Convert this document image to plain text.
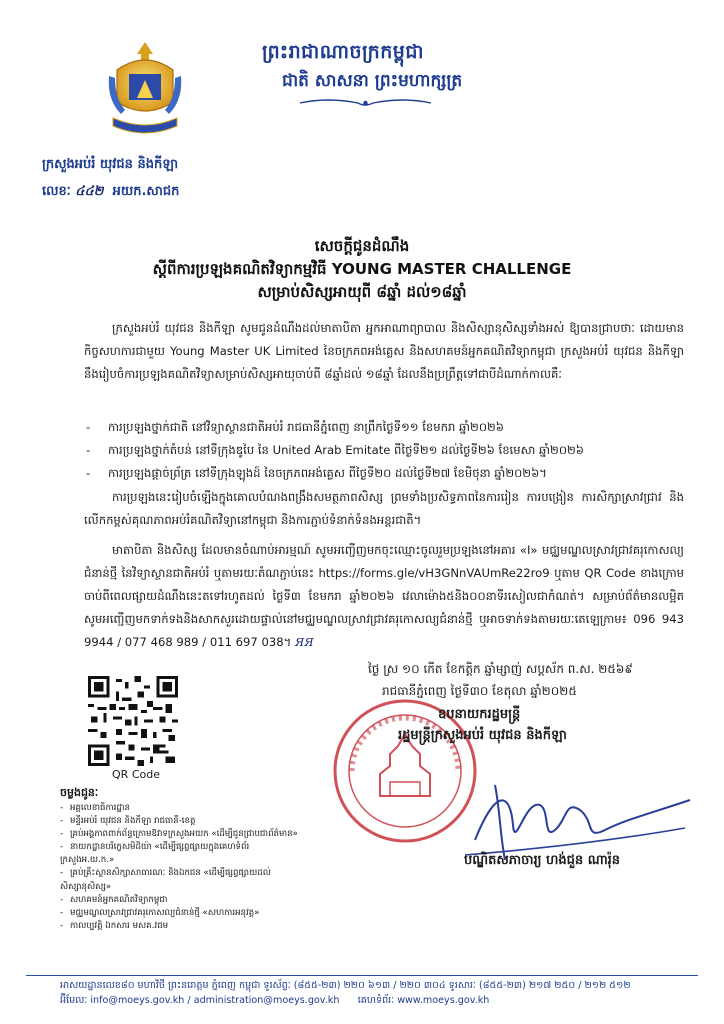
ព្រះរាជាណាចក្រកម្ពុជា
ជាតិ សាសនា ព្រះមហាក្សត្រ
ក្រសួងអប់រំ យុវជន និងកីឡា
លេខៈ ៤៤២ អយក.សាជក
សេចក្ដីជូនដំណឹង
ស្ដីពីការប្រឡងគណិតវិទ្យាកម្មវិធី YOUNG MASTER CHALLENGE
សម្រាប់សិស្សអាយុពី ៨ឆ្នាំ ដល់១៨ឆ្នាំ
ក្រសួងអប់រំ យុវជន និងកីឡា សូមជូនដំណឹងដល់មាតាបិតា អ្នកអាណាព្យាបាល និងសិស្សានុសិស្សទាំងអស់ ឱ្យបានជ្រាបថាៈ ដោយមានកិច្ចសហការជាមួយ Young Master UK Limited នៃចក្រភពអង់គ្លេស និងសហគមន៍អ្នកគណិតវិទ្យាកម្ពុជា ក្រសួងអប់រំ យុវជន និងកីឡា នឹងរៀបចំការប្រឡងគណិតវិទ្យាសម្រាប់សិស្សអាយុចាប់ពី ៨ឆ្នាំដល់ ១៨ឆ្នាំ ដែលនឹងប្រព្រឹត្តទៅជាបីដំណាក់កាលគឺៈ
- ការប្រឡងថ្នាក់ជាតិ នៅវិទ្យាស្ថានជាតិអប់រំ រាជធានីភ្នំពេញ នាព្រឹកថ្ងៃទី១១ ខែមករា ឆ្នាំ២០២៦
- ការប្រឡងថ្នាក់តំបន់ នៅទីក្រុងឌូបៃ នៃ United Arab Emitate ពីថ្ងៃទី២១ ដល់ថ្ងៃទី២៦ ខែមេសា ឆ្នាំ២០២៦
- ការប្រឡងផ្ដាច់ព្រ័ត្រ នៅទីក្រុងឡុងដ៍ នៃចក្រភពអង់គ្លេស ពីថ្ងៃទី២០ ដល់ថ្ងៃទី២៧ ខែមិថុនា ឆ្នាំ២០២៦។
ការប្រឡងនេះរៀបចំឡើងក្នុងគោលបំណងពង្រឹងសមត្ថភាពសិស្ស ព្រមទាំងប្រសិទ្ធភាពនៃការរៀន ការបង្រៀន ការសិក្សាស្រាវជ្រាវ និងលើកកម្ពស់គុណភាពអប់រំគណិតវិទ្យានៅកម្ពុជា និងការភ្ជាប់ទំនាក់ទំនងអន្តរជាតិ។
មាតាបិតា និងសិស្ស ដែលមានចំណាប់អារម្មណ៍ សូមអញ្ជើញមកចុះឈ្មោះចូលរួមប្រឡងនៅអគារ «I» មជ្ឈមណ្ឌលស្រាវជ្រាវគរុកោសល្យជំនាន់ថ្មី នៃវិទ្យាស្ថានជាតិអប់រំ ឬតាមរយៈតំណភ្ជាប់នេះ https://forms.gle/vH3GNnVAUmRe22ro9 ឬតាម QR Code ខាងក្រោមចាប់ពីពេលផ្សាយដំណឹងនេះតទៅរហូតដល់ ថ្ងៃទី៣ ខែមករា ឆ្នាំ២០២៦ វេលាម៉ោង៥និង០០នាទីរសៀលជាកំណត់។ សម្រាប់ព័ត៌មានលម្អិត សូមអញ្ជើញមកទាក់ទងនិងសាកសួរដោយផ្ទាល់នៅមជ្ឈមណ្ឌលស្រាវជ្រាវគរុកោសល្យជំនាន់ថ្មី ឬអាចទាក់ទងតាមរយៈតេឡេក្រាម៖ 096 943 9944 / 077 468 989 / 011 697 038។ ЯЯ
ថ្ងៃ ស្រ ១០ កើត ខែកត្ដិក ឆ្នាំម្សាញ់ សប្ដស័ក ព.ស. ២៥៦៩
រាជធានីភ្នំពេញ ថ្ងៃទី៣០ ខែតុលា ឆ្នាំ២០២៥
ឧបនាយករដ្ឋមន្ត្រី
រដ្ឋមន្ត្រីក្រសួងអប់រំ យុវជន និងកីឡា
បណ្ឌិតសភាចារ្យ ហង់ជួន ណារ៉ុន
QR Code
ចម្លងជូនៈ
- អគ្គលេខាធិការដ្ឋាន
- មន្ទីរអប់រំ យុវជន និងកីឡា រាជធានី-ខេត្ត
- គ្រប់អង្គភាពពាក់ព័ន្ធក្រោមឱវាទក្រសួងអយក «ដើម្បីជូនជ្រាបជាព័ត៌មាន»
- នាយកដ្ឋានបរិក្ខេសមិដិយ៉ា «ដើម្បីផ្សព្វផ្សាយក្នុងគេហទំព័រក្រសួងអ.យ.ក.»
- គ្រប់គ្រឹះស្ថានសិក្សាសាធារណៈ និងឯកជន «ដើម្បីផ្សព្វផ្សាយដល់សិស្សានុសិស្ស»
- សហគមន៍អ្នកគណិតវិទ្យាកម្ពុជា
- មជ្ឈមណ្ឌលស្រាវជ្រាវគរុកោសល្យជំនាន់ថ្មី «សហការអនុវត្ត»
- កាលប្បវត្តិ ឯកសារ មសគ.វជម
អាសយដ្ឋានលេខ៨០ មហាវិថី ព្រះនរោត្តម ភ្នំពេញ កម្ពុជា ទូរស័ព្ទៈ (៨៥៥-២៣) ២២០ ៦១៣ / ២២០ ៣០៤ ទូរសារៈ (៨៥៥-២៣) ២១៧ ២៥០ / ២១២ ៥១២
អ៊ីមែលៈ info@moeys.gov.kh / administration@moeys.gov.kh គេហទំព័រៈ www.moeys.gov.kh
